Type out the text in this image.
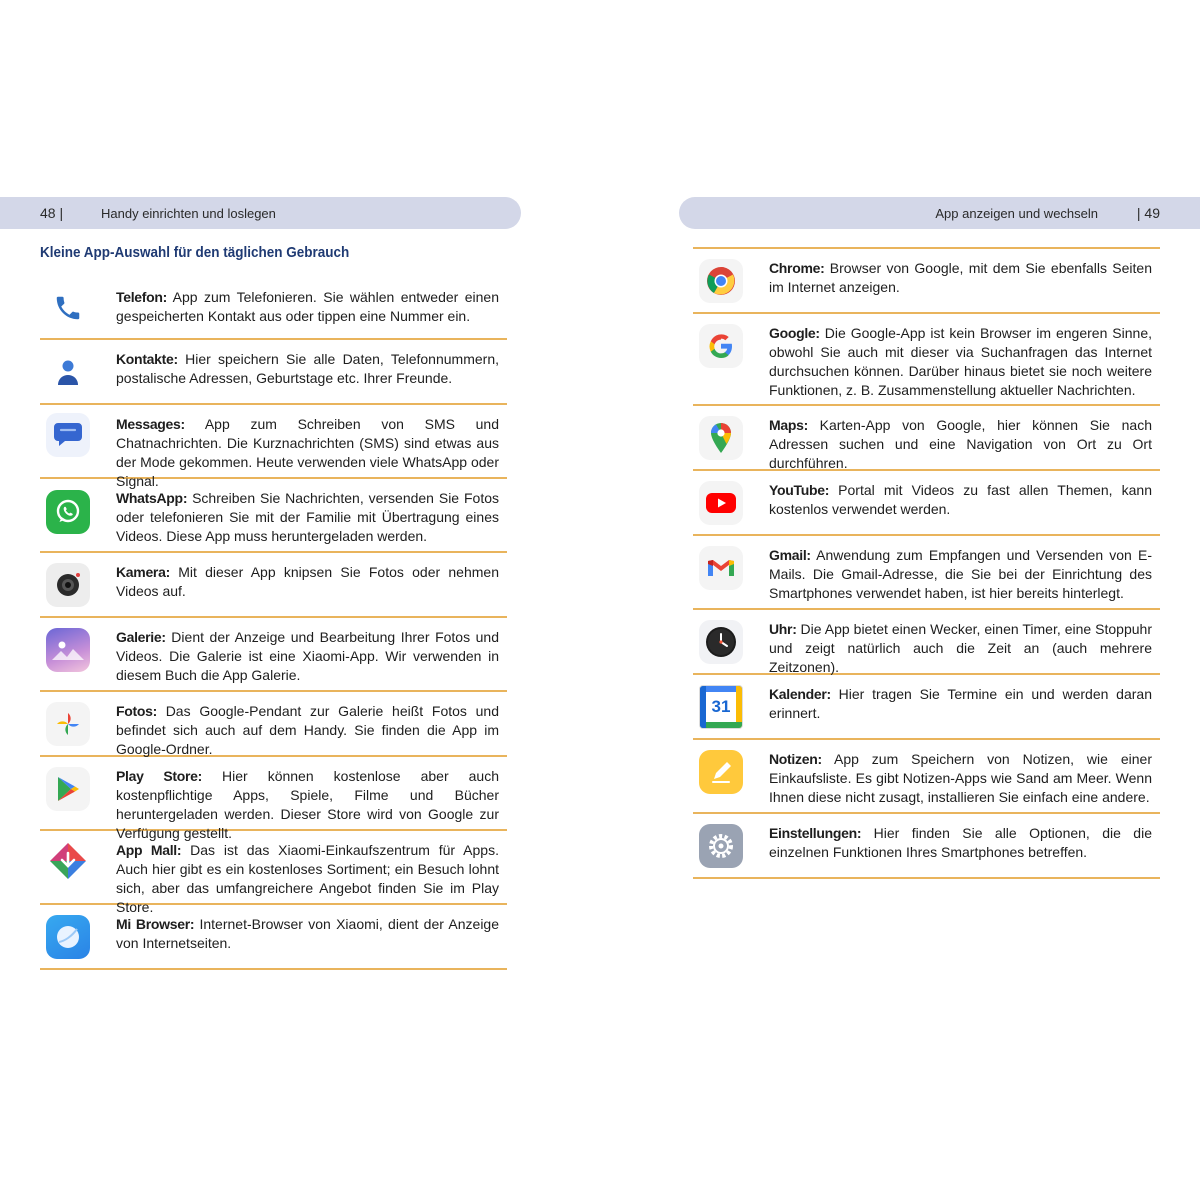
48 |	Handy einrichten und loslegen	App anzeigen und wechseln
|	49
Kleine App-Auswahl für den täglichen Gebrauch

Telefon: App zum Telefonieren. Sie wählen entweder einen gespeicherten Kontakt aus oder tippen eine Nummer ein.

Kontakte: Hier speichern Sie alle Daten, Telefonnummern, postalische Adressen, Geburtstage etc. Ihrer Freunde.

Messages: App zum Schreiben von SMS und Chatnachrichten. Die Kurznachrichten (SMS) sind etwas aus der Mode gekommen. Heute verwenden viele WhatsApp oder Signal.

WhatsApp: Schreiben Sie Nachrichten, versenden Sie Fotos oder telefonieren Sie mit der Familie mit Übertragung eines Videos. Diese App muss heruntergeladen werden.

Kamera: Mit dieser App knipsen Sie Fotos oder nehmen Videos auf.

Galerie: Dient der Anzeige und Bearbeitung Ihrer Fotos und Videos. Die Galerie ist eine Xiaomi-App. Wir verwenden in diesem Buch die App Galerie.

Fotos: Das Google-Pendant zur Galerie heißt Fotos und befindet sich auch auf dem Handy. Sie finden die App im Google-Ordner.

Play Store: Hier können kostenlose aber auch kostenpflichtige Apps, Spiele, Filme und Bücher heruntergeladen werden. Dieser Store wird von Google zur Verfügung gestellt.

App Mall: Das ist das Xiaomi-Einkaufszentrum für Apps. Auch hier gibt es ein kostenloses Sortiment; ein Besuch lohnt sich, aber das umfangreichere Angebot finden Sie im Play Store.

Mi Browser: Internet-Browser von Xiaomi, dient der Anzeige von Internetseiten.

Chrome: Browser von Google, mit dem Sie ebenfalls Seiten im Internet anzeigen.

Google: Die Google-App ist kein Browser im engeren Sinne, obwohl Sie auch mit dieser via Suchanfragen das Internet durchsuchen können. Darüber hinaus bietet sie noch weitere Funktionen, z. B. Zusammenstellung aktueller Nachrichten.

Maps: Karten-App von Google, hier können Sie nach Adressen suchen und eine Navigation von Ort zu Ort durchführen.

YouTube: Portal mit Videos zu fast allen Themen, kann kostenlos verwendet werden.

Gmail: Anwendung zum Empfangen und Versenden von E-Mails. Die Gmail-Adresse, die Sie bei der Einrichtung des Smartphones verwendet haben, ist hier bereits hinterlegt.

Uhr: Die App bietet einen Wecker, einen Timer, eine Stoppuhr und zeigt natürlich auch die Zeit an (auch mehrere Zeitzonen).

31

Kalender: Hier tragen Sie Termine ein und werden daran erinnert.

Notizen: App zum Speichern von Notizen, wie einer Einkaufsliste. Es gibt Notizen-Apps wie Sand am Meer. Wenn Ihnen diese nicht zusagt, installieren Sie einfach eine andere.

Einstellungen: Hier finden Sie alle Optionen, die die einzelnen Funktionen Ihres Smartphones betreffen.
